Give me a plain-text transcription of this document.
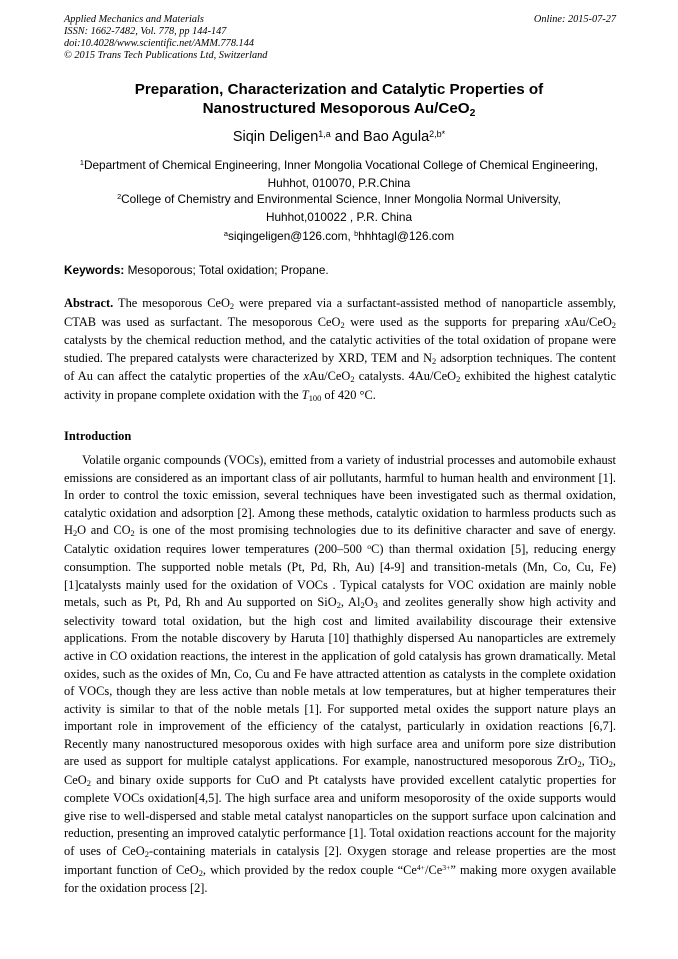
Applied Mechanics and Materials
ISSN: 1662-7482, Vol. 778, pp 144-147
doi:10.4028/www.scientific.net/AMM.778.144
© 2015 Trans Tech Publications Ltd, Switzerland
Online: 2015-07-27
Preparation, Characterization and Catalytic Properties of
Nanostructured Mesoporous Au/CeO$_2$
Siqin Deligen$^{1,a}$ and Bao Agula$^{2,b*}$
$^1$Department of Chemical Engineering, Inner Mongolia Vocational College of Chemical Engineering,
Huhhot, 010070, P.R.China
$^2$College of Chemistry and Environmental Science, Inner Mongolia Normal University,
Huhhot,010022 , P.R. China
$^a$siqingeligen@126.com, $^b$hhhtagl@126.com
Keywords: Mesoporous; Total oxidation; Propane.
Abstract. The mesoporous CeO$_2$ were prepared via a surfactant-assisted method of nanoparticle assembly, CTAB was used as surfactant. The mesoporous CeO$_2$ were used as the supports for preparing xAu/CeO$_2$ catalysts by the chemical reduction method, and the catalytic activities of the total oxidation of propane were studied. The prepared catalysts were characterized by XRD, TEM and $N_2$ adsorption techniques. The content of Au can affect the catalytic properties of the xAu/CeO$_2$ catalysts. 4Au/CeO$_2$ exhibited the highest catalytic activity in propane complete oxidation with the $T_{100}$ of 420 °C.
Introduction
Volatile organic compounds (VOCs), emitted from a variety of industrial processes and automobile exhaust emissions are considered as an important class of air pollutants, harmful to human health and environment [1]. In order to control the toxic emission, several techniques have been investigated such as thermal oxidation, catalytic oxidation and adsorption [2]. Among these methods, catalytic oxidation to harmless products such as $H_2O$ and $CO_2$ is one of the most promising technologies due to its definitive character and save of energy. Catalytic oxidation requires lower temperatures (200–500 $^o$C) than thermal oxidation [5], reducing energy consumption. The supported noble metals (Pt, Pd, Rh, Au) [4-9] and transition-metals (Mn, Co, Cu, Fe) [1]catalysts mainly used for the oxidation of VOCs . Typical catalysts for VOC oxidation are mainly noble metals, such as Pt, Pd, Rh and Au supported on SiO$_2$, $Al_2O_3$ and zeolites generally show high activity and selectivity toward total oxidation, but the high cost and limited availability discourage their extensive applications. From the notable discovery by Haruta [10] thathighly dispersed Au nanoparticles are extremely active in CO oxidation reactions, the interest in the application of gold catalysis has grown dramatically. Metal oxides, such as the oxides of Mn, Co, Cu and Fe have attracted attention as catalysts in the complete oxidation of VOCs, though they are less active than noble metals at low temperatures, but at higher temperatures their activity is similar to that of the noble metals [1]. For supported metal oxides the support nature plays an important role in improvement of the efficiency of the catalyst, particularly in oxidation reactions [6,7]. Recently many nanostructured mesoporous oxides with high surface area and uniform pore size distribution are used as support for multiple catalyst applications. For example, nanostructured mesoporous ZrO$_2$, TiO$_2$, CeO$_2$ and binary oxide supports for CuO and Pt catalysts have provided excellent catalytic properties for complete VOCs oxidation[4,5]. The high surface area and uniform mesoporosity of the oxide supports would give rise to well-dispersed and stable metal catalyst nanoparticles on the support surface upon calcination and reduction, presenting an improved catalytic performance [1]. Total oxidation reactions account for the majority of uses of CeO$_2$-containing materials in catalysis [2]. Oxygen storage and release properties are the most important function of CeO$_2$, which provided by the redox couple “$Ce^{4+}/Ce^{3+}$” making more oxygen available for the oxidation process [2].
